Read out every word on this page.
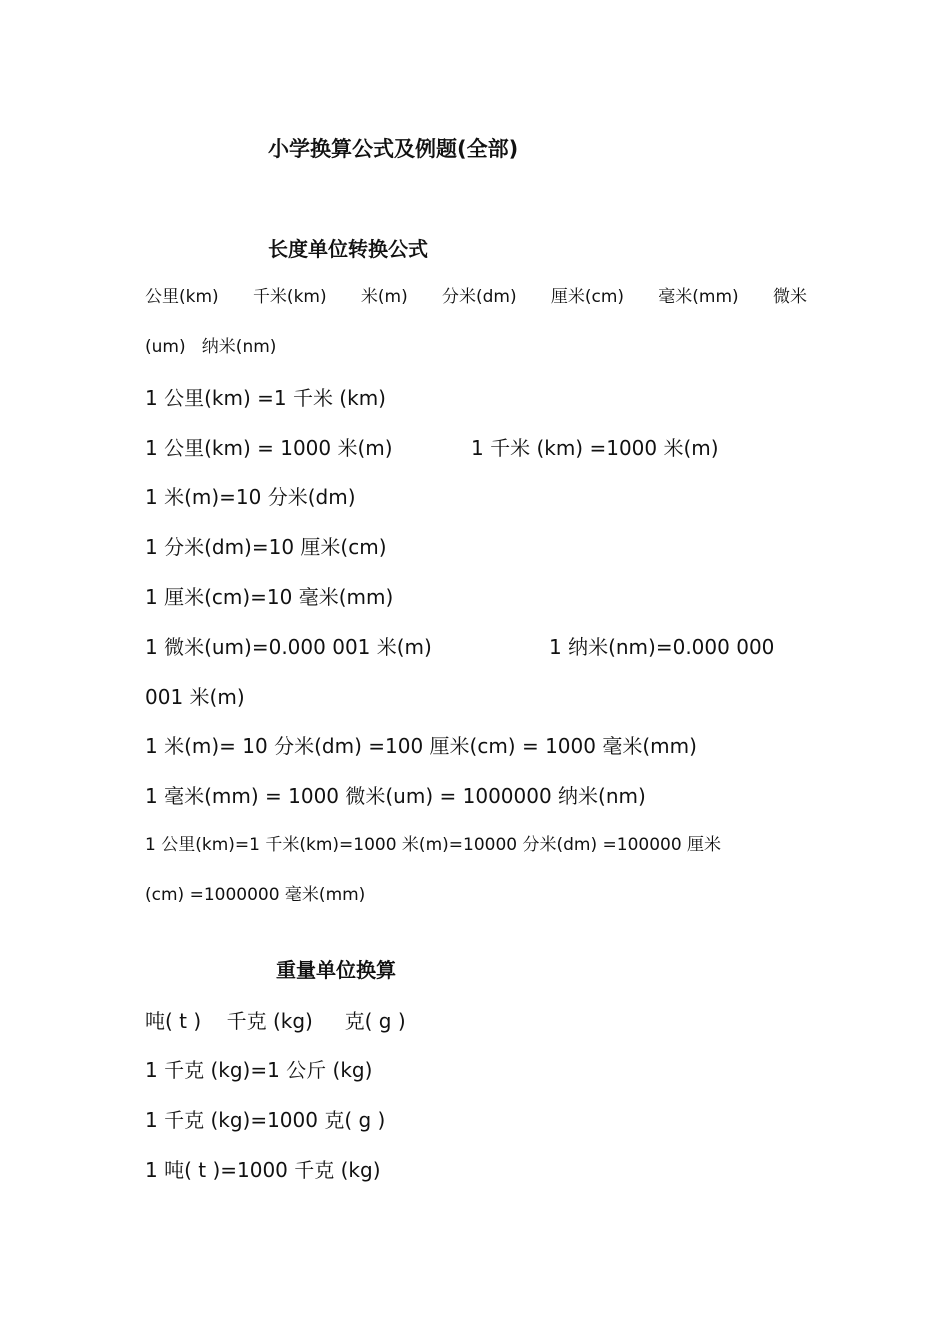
小学换算公式及例题(全部)
长度单位转换公式
公里(km) 千米(km) 米(m) 分米(dm) 厘米(cm) 毫米(mm) 微米
(um)   纳米(nm)
1 公里(km) =1 千米 (km)
1 公里(km) = 1000 米(m)	1 千米 (km) =1000 米(m)
1 米(m)=10 分米(dm)
1 分米(dm)=10 厘米(cm)
1 厘米(cm)=10 毫米(mm)
1 微米(um)=0.000 001 米(m)	1 纳米(nm)=0.000 000
001 米(m)
1 米(m)= 10 分米(dm) =100 厘米(cm) = 1000 毫米(mm)
1 毫米(mm) = 1000 微米(um) = 1000000 纳米(nm)
1 公里(km)=1 千米(km)=1000 米(m)=10000 分米(dm) =100000 厘米
(cm) =1000000 毫米(mm)
重量单位换算
吨( t )    千克 (kg)     克( g )
1 千克 (kg)=1 公斤 (kg)
1 千克 (kg)=1000 克( g )
1 吨( t )=1000 千克 (kg)
